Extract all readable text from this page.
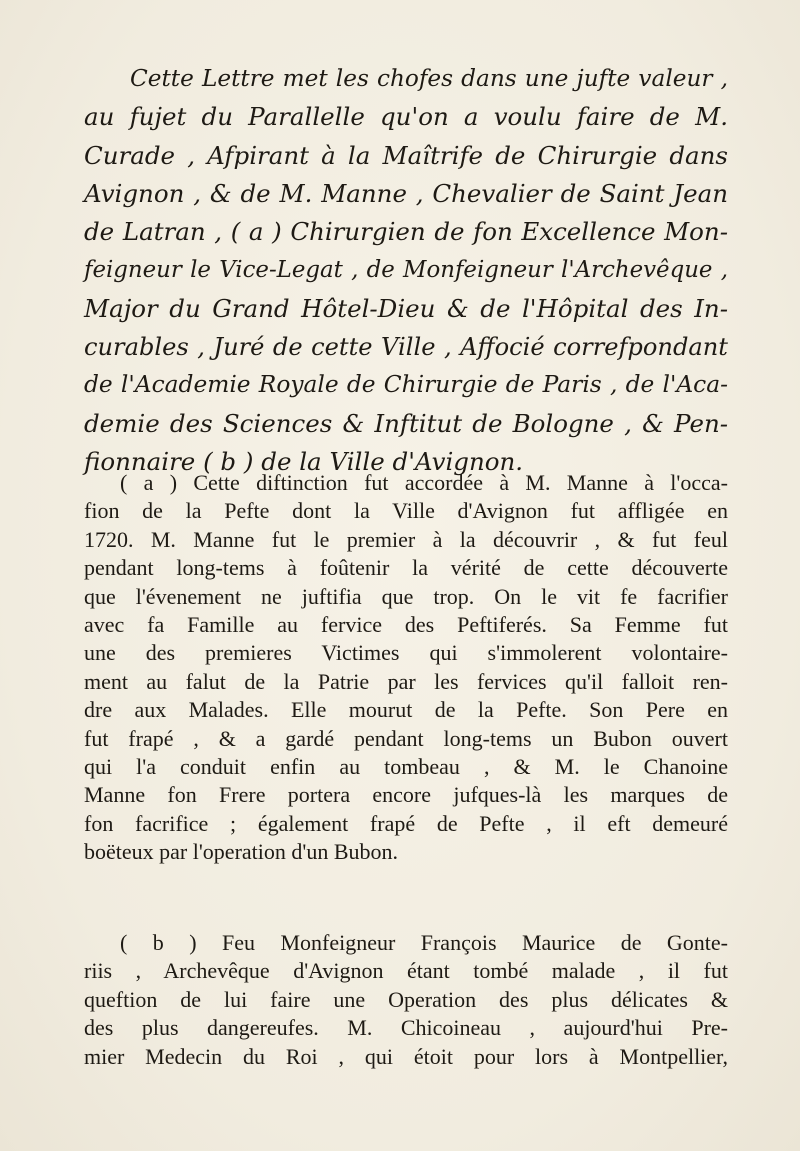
Cette Lettre met les chofes dans une jufte valeur ,
au fujet du Parallelle qu'on a voulu faire de M.
Curade , Afpirant à la Maîtrife de Chirurgie dans
Avignon , & de M. Manne , Chevalier de Saint Jean
de Latran , ( a ) Chirurgien de fon Excellence Mon-
feigneur le Vice-Legat , de Monfeigneur l'Archevêque ,
Major du Grand Hôtel-Dieu & de l'Hôpital des In-
curables , Juré de cette Ville , Affocié correfpondant
de l'Academie Royale de Chirurgie de Paris , de l'Aca-
demie des Sciences & Inftitut de Bologne , & Pen-
fionnaire ( b ) de la Ville d'Avignon.
( a ) Cette diftinction fut accordée à M. Manne à l'occa-
fion de la Pefte dont la Ville d'Avignon fut affligée en
1720. M. Manne fut le premier à la découvrir , & fut feul
pendant long-tems à foûtenir la vérité de cette découverte
que l'évenement ne juftifia que trop. On le vit fe facrifier
avec fa Famille au fervice des Peftiferés. Sa Femme fut
une des premieres Victimes qui s'immolerent volontaire-
ment au falut de la Patrie par les fervices qu'il falloit ren-
dre aux Malades. Elle mourut de la Pefte. Son Pere en
fut frapé , & a gardé pendant long-tems un Bubon ouvert
qui l'a conduit enfin au tombeau , & M. le Chanoine
Manne fon Frere portera encore jufques-là les marques de
fon facrifice ; également frapé de Pefte , il eft demeuré
boëteux par l'operation d'un Bubon.
( b ) Feu Monfeigneur François Maurice de Gonte-
riis , Archevêque d'Avignon étant tombé malade , il fut
queftion de lui faire une Operation des plus délicates &
des plus dangereufes. M. Chicoineau , aujourd'hui Pre-
mier Medecin du Roi , qui étoit pour lors à Montpellier,
